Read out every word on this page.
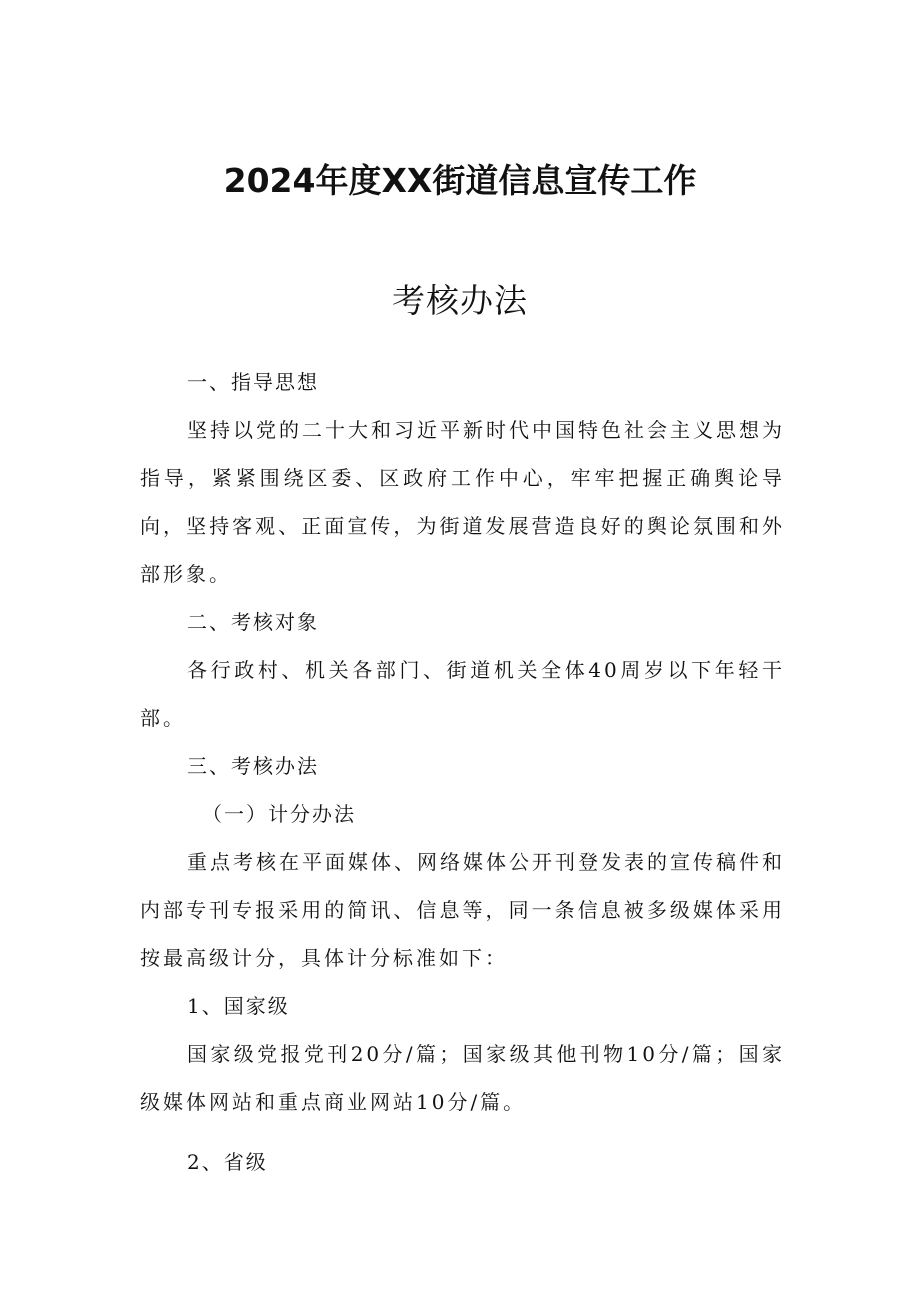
2024年度XX街道信息宣传工作
考核办法

一、指导思想

坚持以党的二十大和习近平新时代中国特色社会主义思想为指导，紧紧围绕区委、区政府工作中心，牢牢把握正确舆论导向，坚持客观、正面宣传，为街道发展营造良好的舆论氛围和外部形象。

二、考核对象

各行政村、机关各部门、街道机关全体40周岁以下年轻干部。

三、考核办法

（一）计分办法

重点考核在平面媒体、网络媒体公开刊登发表的宣传稿件和内部专刊专报采用的简讯、信息等，同一条信息被多级媒体采用按最高级计分，具体计分标准如下：

1、国家级

国家级党报党刊20分/篇；国家级其他刊物10分/篇；国家级媒体网站和重点商业网站10分/篇。

2、省级
